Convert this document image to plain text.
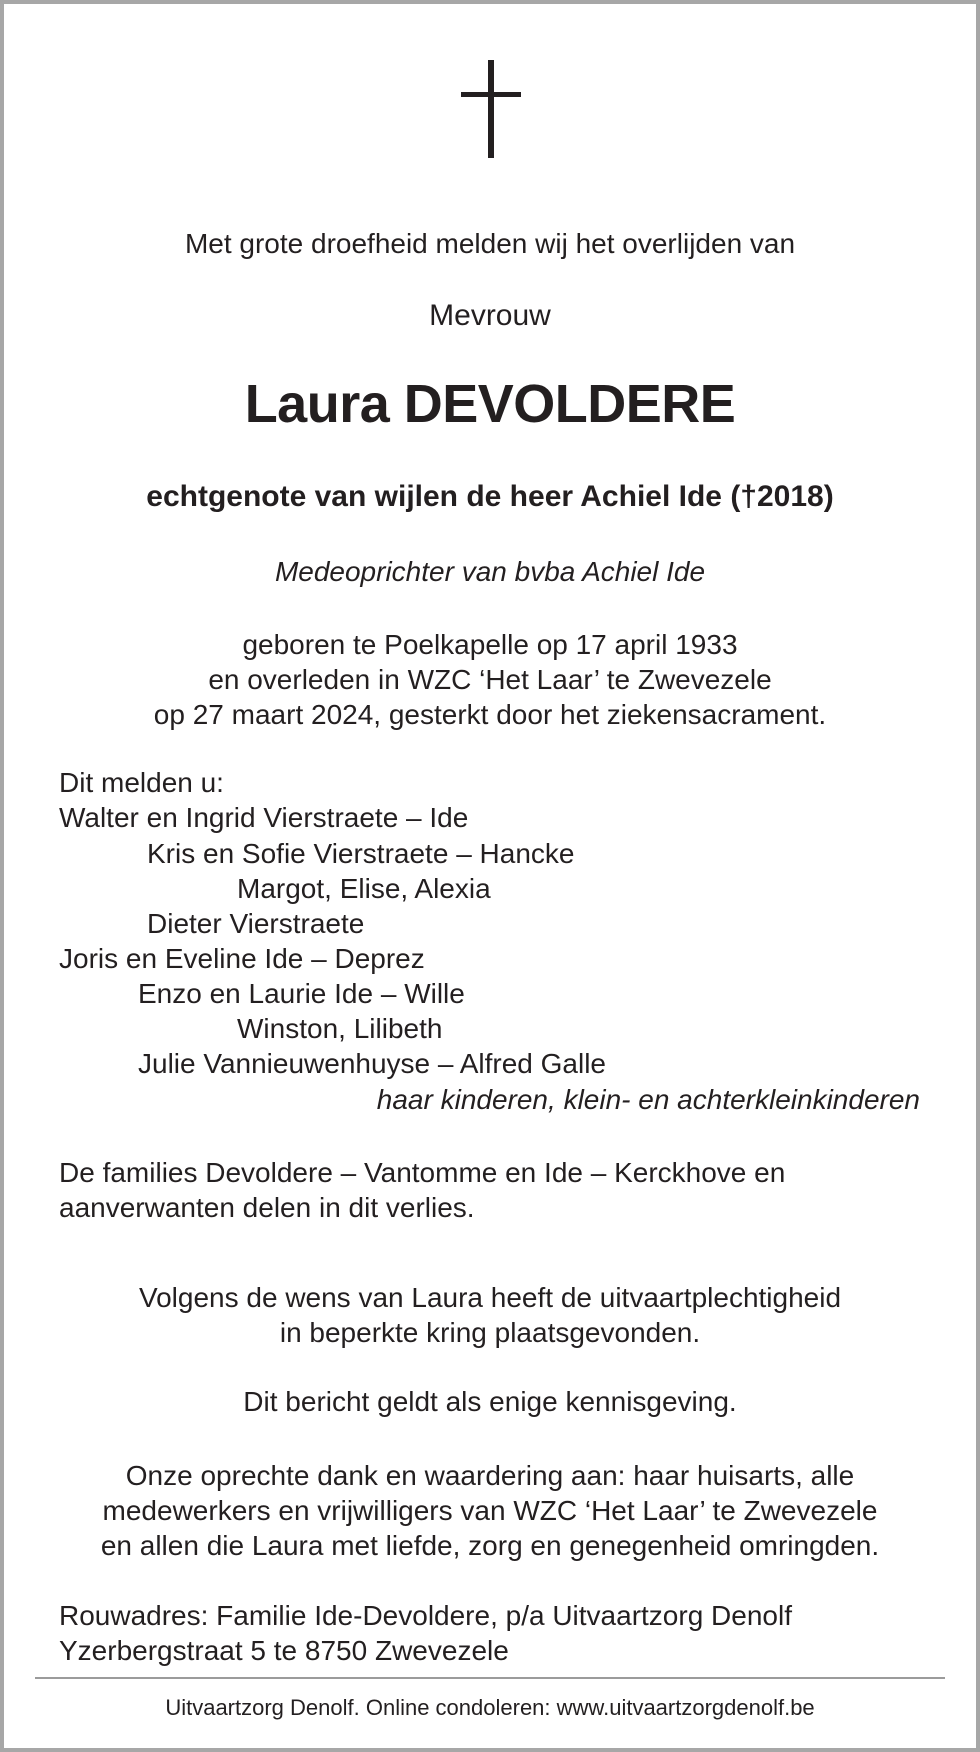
Met grote droefheid melden wij het overlijden van
Mevrouw
Laura DEVOLDERE
echtgenote van wijlen de heer Achiel Ide (†2018)
Medeoprichter van bvba Achiel Ide
geboren te Poelkapelle op 17 april 1933
en overleden in WZC ‘Het Laar’ te Zwevezele
op 27 maart 2024, gesterkt door het ziekensacrament.
Dit melden u:
Walter en Ingrid Vierstraete – Ide
Kris en Sofie Vierstraete – Hancke
Margot, Elise, Alexia
Dieter Vierstraete
Joris en Eveline Ide – Deprez
Enzo en Laurie Ide – Wille
Winston, Lilibeth
Julie Vannieuwenhuyse – Alfred Galle
haar kinderen, klein- en achterkleinkinderen
De families Devoldere – Vantomme en Ide – Kerckhove en
aanverwanten delen in dit verlies.
Volgens de wens van Laura heeft de uitvaartplechtigheid
in beperkte kring plaatsgevonden.
Dit bericht geldt als enige kennisgeving.
Onze oprechte dank en waardering aan: haar huisarts, alle
medewerkers en vrijwilligers van WZC ‘Het Laar’ te Zwevezele
en allen die Laura met liefde, zorg en genegenheid omringden.
Rouwadres: Familie Ide-Devoldere, p/a Uitvaartzorg Denolf
Yzerbergstraat 5 te 8750 Zwevezele
Uitvaartzorg Denolf. Online condoleren: www.uitvaartzorgdenolf.be
